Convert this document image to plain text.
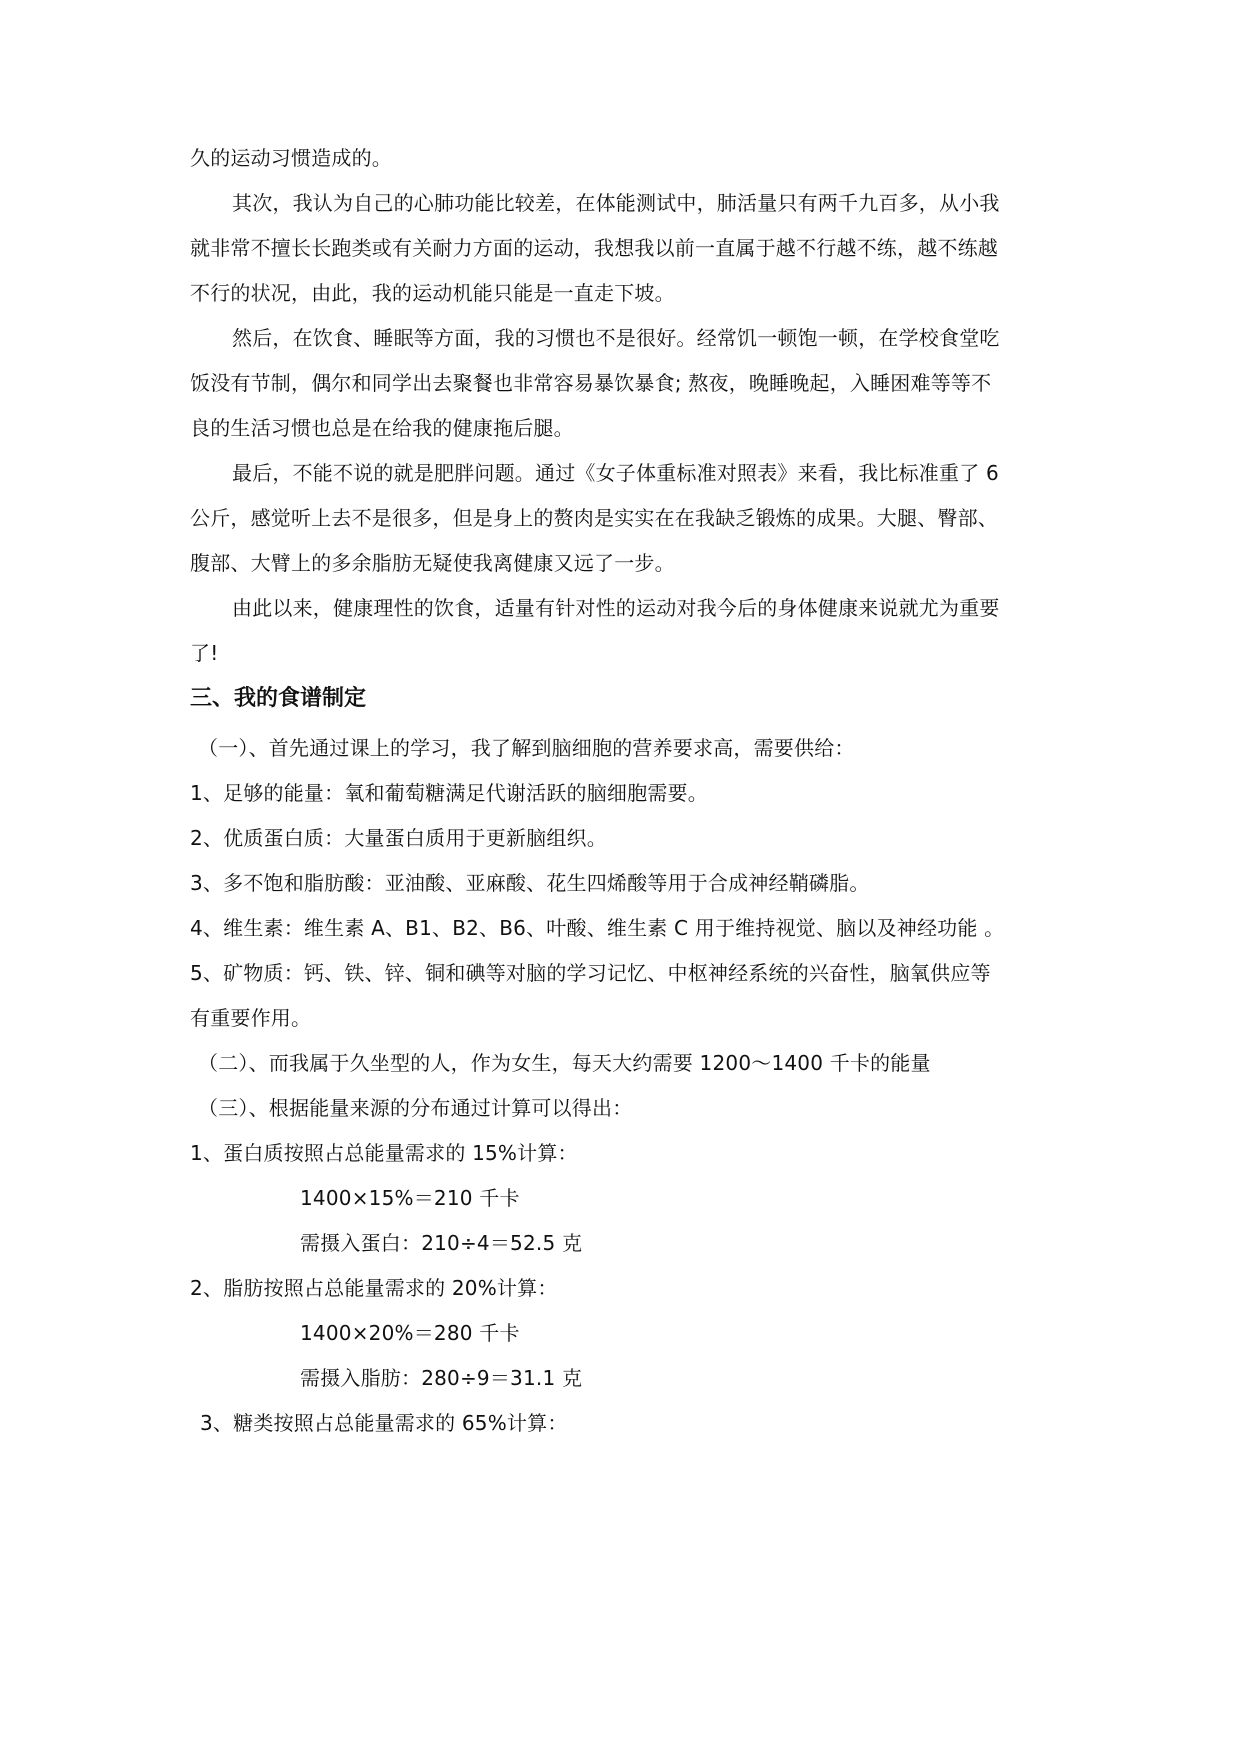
久的运动习惯造成的。
其次，我认为自己的心肺功能比较差，在体能测试中，肺活量只有两千九百多，从小我
就非常不擅长长跑类或有关耐力方面的运动，我想我以前一直属于越不行越不练，越不练越
不行的状况，由此，我的运动机能只能是一直走下坡。
然后，在饮食、睡眠等方面，我的习惯也不是很好。经常饥一顿饱一顿，在学校食堂吃
饭没有节制，偶尔和同学出去聚餐也非常容易暴饮暴食; 熬夜，晚睡晚起，入睡困难等等不
良的生活习惯也总是在给我的健康拖后腿。
最后，不能不说的就是肥胖问题。通过《女子体重标准对照表》来看，我比标准重了 6
公斤，感觉听上去不是很多，但是身上的赘肉是实实在在我缺乏锻炼的成果。大腿、臀部、
腹部、大臂上的多余脂肪无疑使我离健康又远了一步。
由此以来，健康理性的饮食，适量有针对性的运动对我今后的身体健康来说就尤为重要
了!
三、我的食谱制定
（一）、首先通过课上的学习，我了解到脑细胞的营养要求高，需要供给：
1、足够的能量：氧和葡萄糖满足代谢活跃的脑细胞需要。
2、优质蛋白质：大量蛋白质用于更新脑组织。
3、多不饱和脂肪酸：亚油酸、亚麻酸、花生四烯酸等用于合成神经鞘磷脂。
4、维生素：维生素 A、B1、B2、B6、叶酸、维生素 C 用于维持视觉、脑以及神经功能 。
5、矿物质：钙、铁、锌、铜和碘等对脑的学习记忆、中枢神经系统的兴奋性，脑氧供应等
有重要作用。
（二）、而我属于久坐型的人，作为女生，每天大约需要 1200～1400 千卡的能量
（三）、根据能量来源的分布通过计算可以得出：
1、蛋白质按照占总能量需求的 15%计算：
1400×15%＝210 千卡
需摄入蛋白：210÷4＝52.5 克
2、脂肪按照占总能量需求的 20%计算：
1400×20%＝280 千卡
需摄入脂肪：280÷9＝31.1 克
3、糖类按照占总能量需求的 65%计算：
